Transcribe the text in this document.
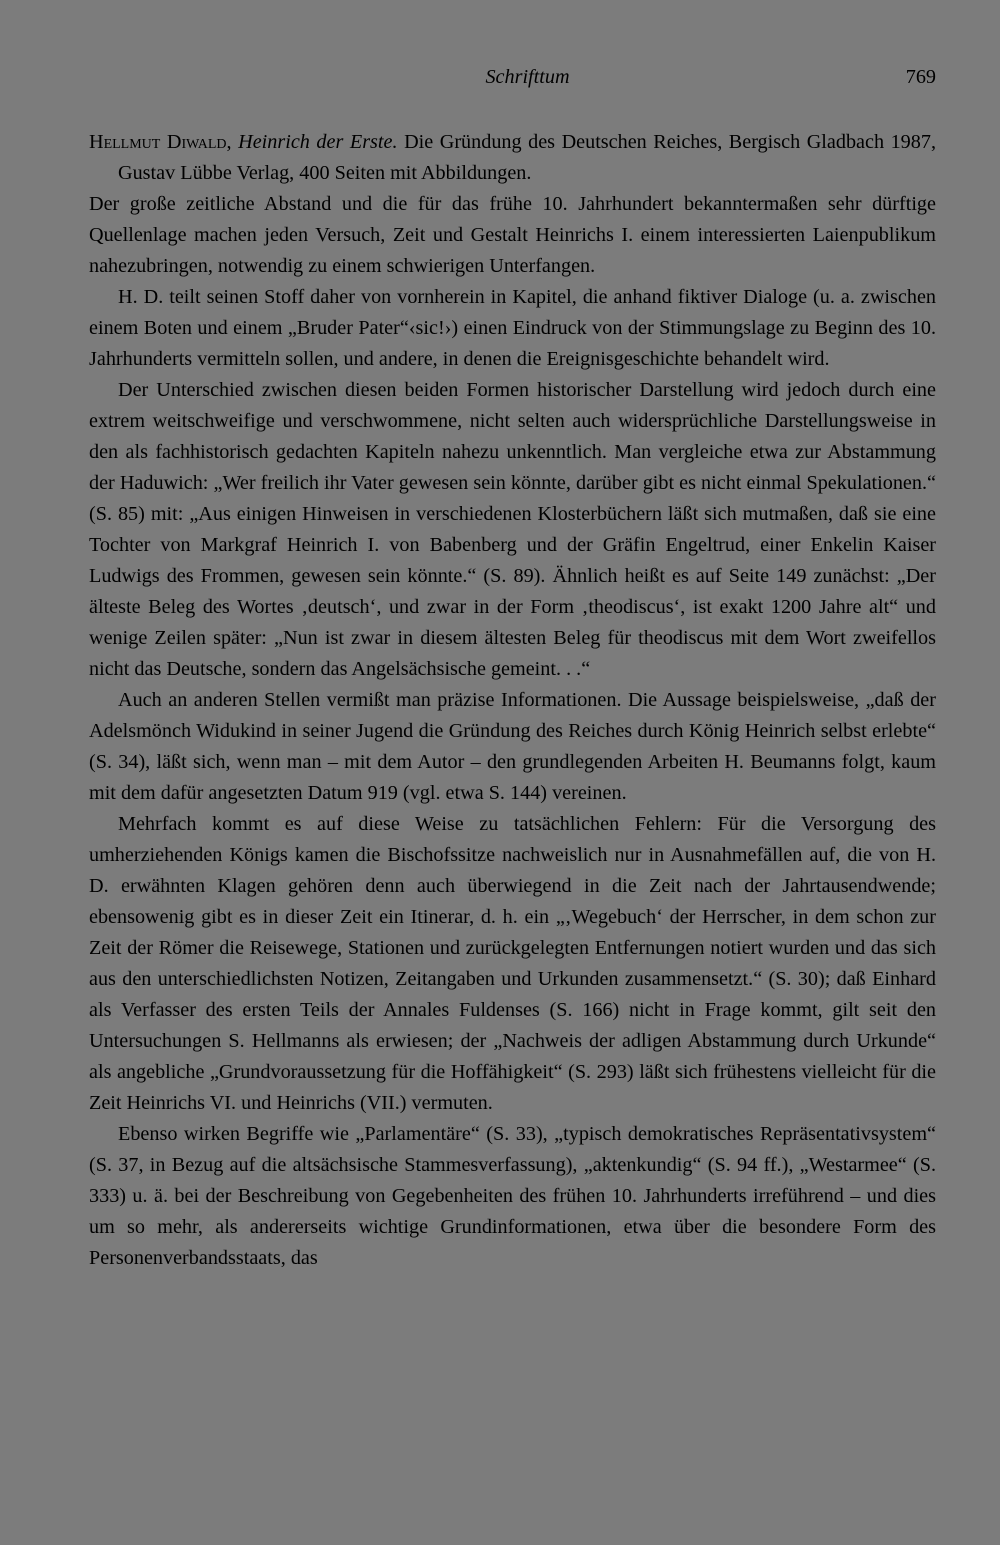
Schrifttum	769
Hellmut Diwald, Heinrich der Erste. Die Gründung des Deutschen Reiches, Bergisch Gladbach 1987, Gustav Lübbe Verlag, 400 Seiten mit Abbildungen.

Der große zeitliche Abstand und die für das frühe 10. Jahrhundert bekanntermaßen sehr dürftige Quellenlage machen jeden Versuch, Zeit und Gestalt Heinrichs I. einem interessierten Laienpublikum nahezubringen, notwendig zu einem schwierigen Unterfangen.

H. D. teilt seinen Stoff daher von vornherein in Kapitel, die anhand fiktiver Dialoge (u. a. zwischen einem Boten und einem „Bruder Pater“‹sic!›) einen Eindruck von der Stimmungslage zu Beginn des 10. Jahrhunderts vermitteln sollen, und andere, in denen die Ereignisgeschichte behandelt wird.

Der Unterschied zwischen diesen beiden Formen historischer Darstellung wird jedoch durch eine extrem weitschweifige und verschwommene, nicht selten auch widersprüchliche Darstellungsweise in den als fachhistorisch gedachten Kapiteln nahezu unkenntlich. Man vergleiche etwa zur Abstammung der Haduwich: „Wer freilich ihr Vater gewesen sein könnte, darüber gibt es nicht einmal Spekulationen.“ (S. 85) mit: „Aus einigen Hinweisen in verschiedenen Klosterbüchern läßt sich mutmaßen, daß sie eine Tochter von Markgraf Heinrich I. von Babenberg und der Gräfin Engeltrud, einer Enkelin Kaiser Ludwigs des Frommen, gewesen sein könnte.“ (S. 89). Ähnlich heißt es auf Seite 149 zunächst: „Der älteste Beleg des Wortes ‚deutsch‘, und zwar in der Form ‚theodiscus‘, ist exakt 1200 Jahre alt“ und wenige Zeilen später: „Nun ist zwar in diesem ältesten Beleg für theodiscus mit dem Wort zweifellos nicht das Deutsche, sondern das Angelsächsische gemeint. . .“

Auch an anderen Stellen vermißt man präzise Informationen. Die Aussage beispielsweise, „daß der Adelsmönch Widukind in seiner Jugend die Gründung des Reiches durch König Heinrich selbst erlebte“ (S. 34), läßt sich, wenn man – mit dem Autor – den grundlegenden Arbeiten H. Beumanns folgt, kaum mit dem dafür angesetzten Datum 919 (vgl. etwa S. 144) vereinen.

Mehrfach kommt es auf diese Weise zu tatsächlichen Fehlern: Für die Versorgung des umherziehenden Königs kamen die Bischofssitze nachweislich nur in Ausnahmefällen auf, die von H. D. erwähnten Klagen gehören denn auch überwiegend in die Zeit nach der Jahrtausendwende; ebensowenig gibt es in dieser Zeit ein Itinerar, d. h. ein „‚Wegebuch‘ der Herrscher, in dem schon zur Zeit der Römer die Reisewege, Stationen und zurückgelegten Entfernungen notiert wurden und das sich aus den unterschiedlichsten Notizen, Zeitangaben und Urkunden zusammensetzt.“ (S. 30); daß Einhard als Verfasser des ersten Teils der Annales Fuldenses (S. 166) nicht in Frage kommt, gilt seit den Untersuchungen S. Hellmanns als erwiesen; der „Nachweis der adligen Abstammung durch Urkunde“ als angebliche „Grundvoraussetzung für die Hoffähigkeit“ (S. 293) läßt sich frühestens vielleicht für die Zeit Heinrichs VI. und Heinrichs (VII.) vermuten.

Ebenso wirken Begriffe wie „Parlamentäre“ (S. 33), „typisch demokratisches Repräsentativsystem“ (S. 37, in Bezug auf die altsächsische Stammesverfassung), „aktenkundig“ (S. 94 ff.), „Westarmee“ (S. 333) u. ä. bei der Beschreibung von Gegebenheiten des frühen 10. Jahrhunderts irreführend – und dies um so mehr, als andererseits wichtige Grundinformationen, etwa über die besondere Form des Personenverbandsstaats, das
